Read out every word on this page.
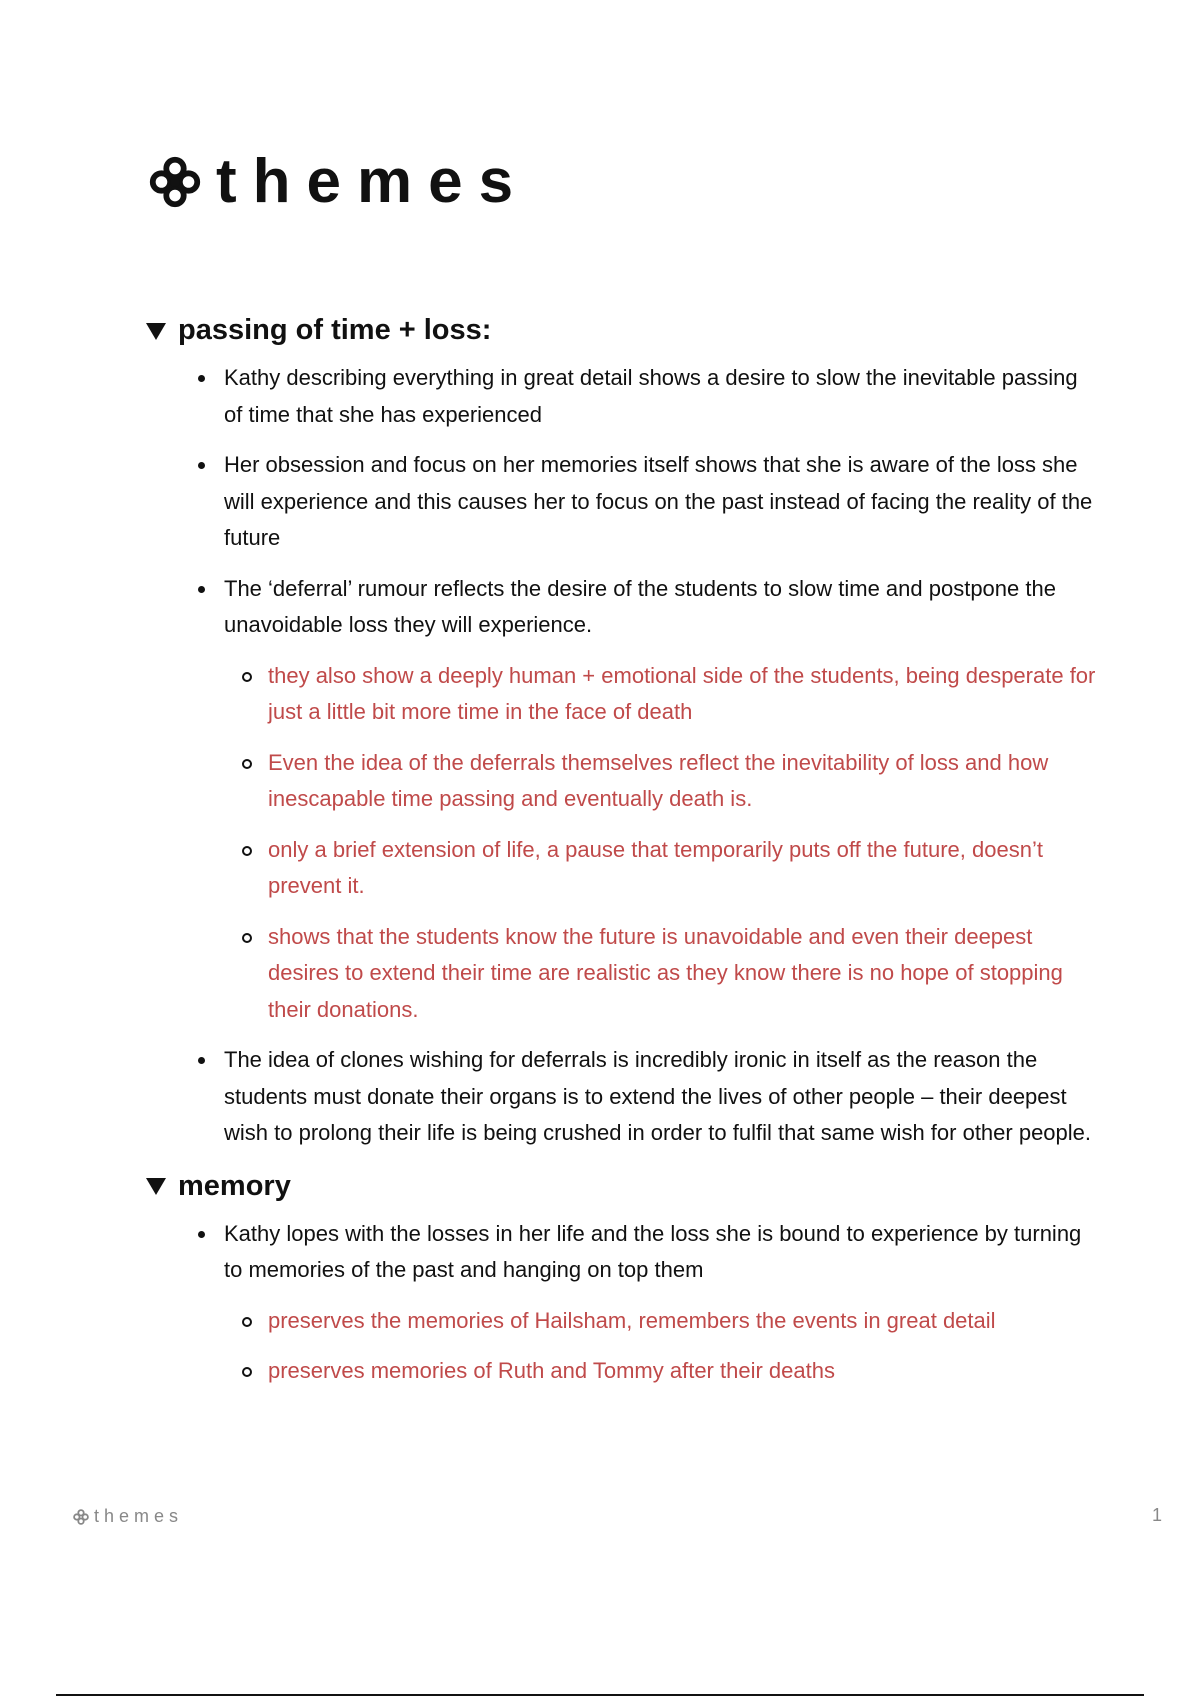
themes
passing of time + loss:
Kathy describing everything in great detail shows a desire to slow the inevitable passing of time that she has experienced
Her obsession and focus on her memories itself shows that she is aware of the loss she will experience and this causes her to focus on the past instead of facing the reality of the future
The ‘deferral’ rumour reflects the desire of the students to slow time and postpone the unavoidable loss they will experience.
they also show a deeply human + emotional side of the students, being desperate for just a little bit more time in the face of death
Even the idea of the deferrals themselves reflect the inevitability of loss and how inescapable time passing and eventually death is.
only a brief extension of life, a pause that temporarily puts off the future, doesn’t prevent it.
shows that the students know the future is unavoidable and even their deepest desires to extend their time are realistic as they know there is no hope of stopping their donations.
The idea of clones wishing for deferrals is incredibly ironic in itself as the reason the students must donate their organs is to extend the lives of other people – their deepest wish to prolong their life is being crushed in order to fulfil that same wish for other people.
memory
Kathy lopes with the losses in her life and the loss she is bound to experience by turning to memories of the past and hanging on top them
preserves the memories of Hailsham, remembers the events in great detail
preserves memories of Ruth and Tommy after their deaths
themes	1
